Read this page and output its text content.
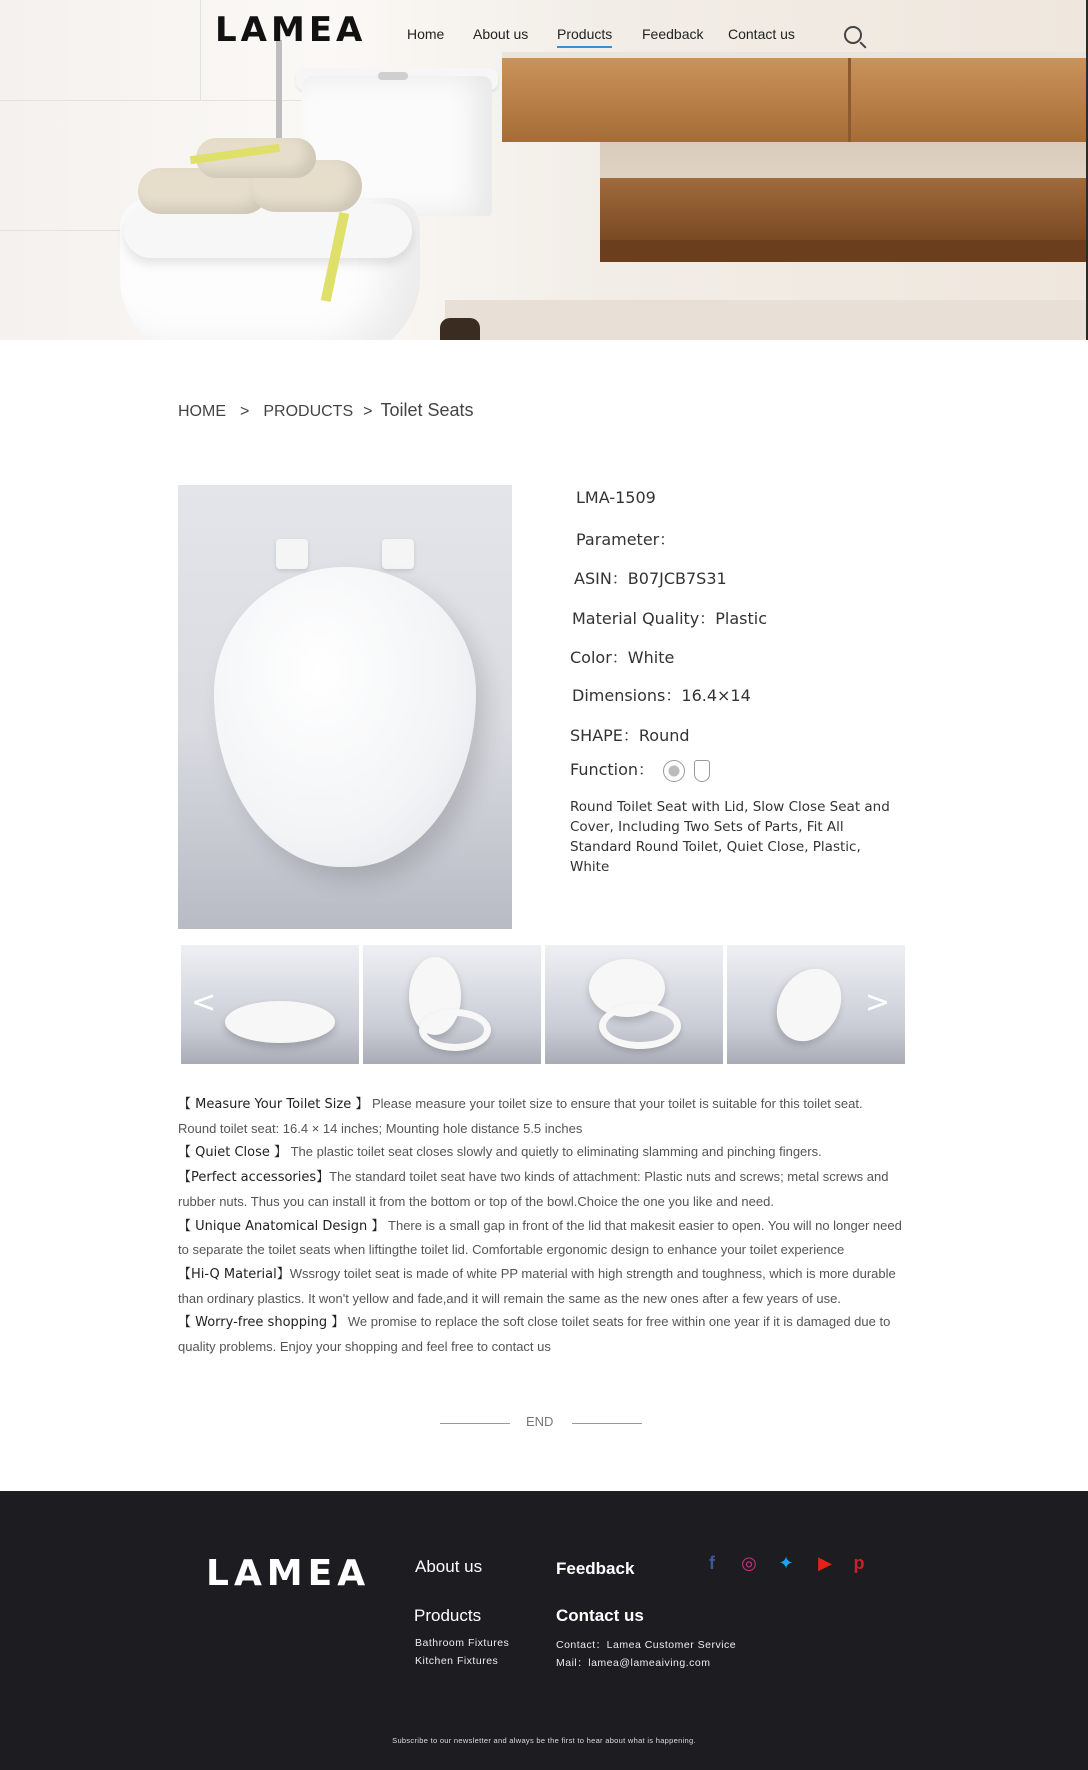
LAMEA	Home About us Products Feedback Contact us
HOME > PRODUCTS > Toilet Seats
LMA-1509
Parameter：
ASIN：B07JCB7S31
Material Quality：Plastic
Color：White
Dimensions：16.4×14
SHAPE：Round
Function：
Round Toilet Seat with Lid, Slow Close Seat and Cover, Including Two Sets of Parts, Fit All Standard Round Toilet, Quiet Close, Plastic, White
<	>

【 Measure Your Toilet Size 】 Please measure your toilet size to ensure that your toilet is suitable for this toilet seat. Round toilet seat: 16.4 × 14 inches; Mounting hole distance 5.5 inches

【 Quiet Close 】 The plastic toilet seat closes slowly and quietly to eliminating slamming and pinching fingers.

【Perfect accessories】The standard toilet seat have two kinds of attachment: Plastic nuts and screws; metal screws and rubber nuts. Thus you can install it from the bottom or top of the bowl.Choice the one you like and need.

【 Unique Anatomical Design 】 There is a small gap in front of the lid that makesit easier to open. You will no longer need to separate the toilet seats when liftingthe toilet lid. Comfortable ergonomic design to enhance your toilet experience

【Hi-Q Material】Wssrogy toilet seat is made of white PP material with high strength and toughness, which is more durable than ordinary plastics. It won't yellow and fade,and it will remain the same as the new ones after a few years of use.

【 Worry-free shopping 】 We promise to replace the soft close toilet seats for free within one year if it is damaged due to quality problems. Enjoy your shopping and feel free to contact us

END
LAMEA	About us	Feedback
Products
Bathroom Fixtures
Kitchen Fixtures
Contact us
Contact：Lamea Customer Service
Mail：lamea@lameaiving.com
f	◎ ✦ ▶	p
Subscribe to our newsletter and always be the first to hear about what is happening.
